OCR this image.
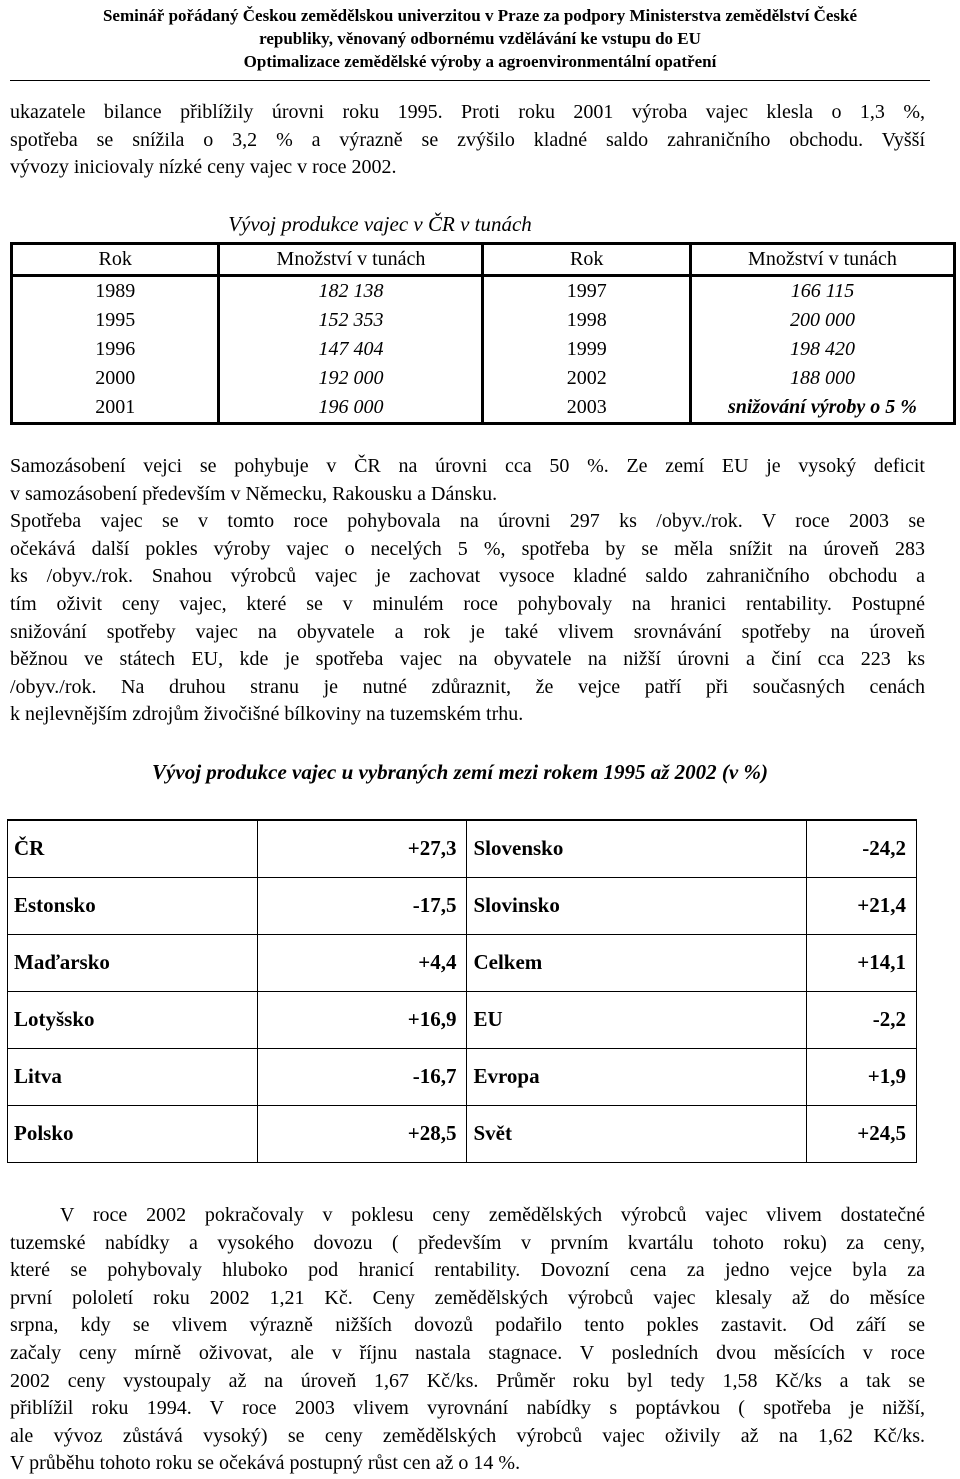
Seminář pořádaný Českou zemědělskou univerzitou v Praze za podpory Ministerstva zemědělství České
republiky, věnovaný odbornému vzdělávání ke vstupu do EU
Optimalizace zemědělské výroby a agroenvironmentální opatření
ukazatele bilance přiblížily úrovni roku 1995. Proti roku 2001 výroba vajec klesla o 1,3 %,
spotřeba se snížila o 3,2 % a výrazně se zvýšilo kladné saldo zahraničního obchodu. Vyšší
vývozy iniciovaly nízké ceny vajec v roce 2002.
Vývoj produkce vajec v ČR v tunách
Rok	Množství v tunách	Rok	Množství v tunách
1989	182 138	1997	166 115
1995	152 353	1998	200 000
1996	147 404	1999	198 420
2000	192 000	2002	188 000
2001	196 000	2003	snižování výroby o 5 %
Samozásobení vejci se pohybuje v ČR na úrovni cca 50 %. Ze zemí EU je vysoký deficit
v samozásobení především v Německu, Rakousku a Dánsku.
Spotřeba vajec se v tomto roce pohybovala na úrovni 297 ks /obyv./rok. V roce 2003 se
očekává další pokles výroby vajec o necelých 5 %, spotřeba by se měla snížit na úroveň 283
ks /obyv./rok. Snahou výrobců vajec je zachovat vysoce kladné saldo zahraničního obchodu a
tím oživit ceny vajec, které se v minulém roce pohybovaly na hranici rentability. Postupné
snižování spotřeby vajec na obyvatele a rok je také vlivem srovnávání spotřeby na úroveň
běžnou ve státech EU, kde je spotřeba vajec na obyvatele na nižší úrovni a činí cca 223 ks
/obyv./rok. Na druhou stranu je nutné zdůraznit, že vejce patří při současných cenách
k nejlevnějším zdrojům živočišné bílkoviny na tuzemském trhu.
Vývoj produkce vajec u vybraných zemí mezi rokem 1995 až 2002 (v %)
ČR	+27,3	Slovensko	-24,2
Estonsko	-17,5	Slovinsko	+21,4
Maďarsko	+4,4	Celkem	+14,1
Lotyšsko	+16,9	EU	-2,2
Litva	-16,7	Evropa	+1,9
Polsko	+28,5	Svět	+24,5
V roce 2002 pokračovaly v poklesu ceny zemědělských výrobců vajec vlivem dostatečné
tuzemské nabídky a vysokého dovozu ( především v prvním kvartálu tohoto roku) za ceny,
které se pohybovaly hluboko pod hranicí rentability. Dovozní cena za jedno vejce byla za
první pololetí roku 2002 1,21 Kč. Ceny zemědělských výrobců vajec klesaly až do měsíce
srpna, kdy se vlivem výrazně nižších dovozů podařilo tento pokles zastavit. Od září se
začaly ceny mírně oživovat, ale v říjnu nastala stagnace. V posledních dvou měsících v roce
2002 ceny vystoupaly až na úroveň 1,67 Kč/ks. Průměr roku byl tedy 1,58 Kč/ks a tak se
přiblížil roku 1994. V roce 2003 vlivem vyrovnání nabídky s poptávkou ( spotřeba je nižší,
ale vývoz zůstává vysoký) se ceny zemědělských výrobců vajec oživily až na 1,62 Kč/ks.
V průběhu tohoto roku se očekává postupný růst cen až o 14 %.
